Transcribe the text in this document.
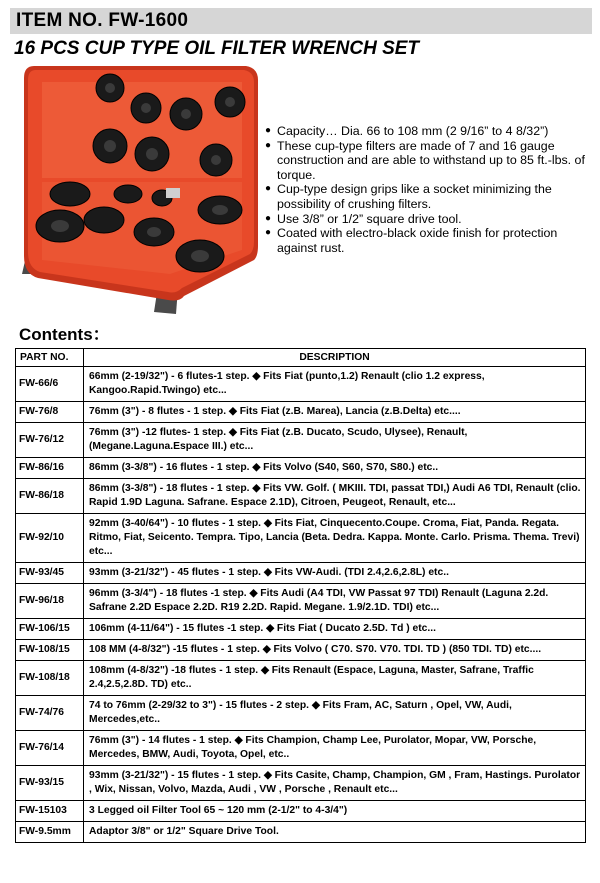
ITEM NO. FW-1600
16 PCS CUP TYPE OIL FILTER WRENCH SET
● Capacity… Dia. 66 to 108 mm (2 9/16” to 4 8/32”)
● These cup-type filters are made of 7 and 16 gauge construction and are able to withstand up to 85 ft.-lbs. of torque.
● Cup-type design grips like a socket minimizing the possibility of crushing filters.
● Use 3/8” or 1/2” square drive tool.
● Coated with electro-black oxide finish for protection against rust.
Contents：
PART NO.	DESCRIPTION
FW-66/6	66mm (2-19/32") - 6 flutes-1 step. ◆ Fits Fiat (punto,1.2) Renault (clio 1.2 express, Kangoo.Rapid.Twingo) etc...
FW-76/8	76mm (3") - 8 flutes - 1 step. ◆ Fits Fiat (z.B. Marea), Lancia (z.B.Delta) etc....
FW-76/12	76mm (3") -12 flutes- 1 step. ◆ Fits Fiat (z.B. Ducato, Scudo, Ulysee), Renault, (Megane.Laguna.Espace III.) etc...
FW-86/16	86mm (3-3/8") - 16 flutes - 1 step. ◆ Fits Volvo (S40, S60, S70, S80.) etc..
FW-86/18	86mm (3-3/8") - 18 flutes - 1 step. ◆ Fits VW. Golf. ( MKIII. TDI, passat TDI,) Audi A6 TDI, Renault (clio. Rapid 1.9D Laguna. Safrane. Espace 2.1D), Citroen, Peugeot, Renault, etc...
FW-92/10	92mm (3-40/64") - 10 flutes - 1 step. ◆ Fits Fiat, Cinquecento.Coupe. Croma, Fiat, Panda. Regata. Ritmo, Fiat, Seicento. Tempra. Tipo, Lancia (Beta. Dedra. Kappa. Monte. Carlo. Prisma. Thema. Trevi) etc...
FW-93/45	93mm (3-21/32") - 45 flutes - 1 step. ◆ Fits VW-Audi. (TDI 2.4,2.6,2.8L) etc..
FW-96/18	96mm (3-3/4") - 18 flutes -1 step. ◆ Fits Audi (A4 TDI, VW Passat 97 TDI) Renault (Laguna 2.2d. Safrane 2.2D Espace 2.2D. R19 2.2D. Rapid. Megane. 1.9/2.1D. TDI) etc...
FW-106/15	106mm (4-11/64") - 15 flutes -1 step. ◆ Fits Fiat ( Ducato 2.5D. Td ) etc...
FW-108/15	108 MM (4-8/32") -15 flutes - 1 step. ◆ Fits Volvo ( C70. S70. V70. TDI. TD ) (850 TDI. TD) etc....
FW-108/18	108mm (4-8/32") -18 flutes - 1 step. ◆ Fits Renault (Espace, Laguna, Master, Safrane, Traffic 2.4,2.5,2.8D. TD) etc..
FW-74/76	74 to 76mm (2-29/32 to 3") - 15 flutes - 2 step. ◆ Fits Fram, AC, Saturn , Opel, VW, Audi, Mercedes,etc..
FW-76/14	76mm (3") - 14 flutes - 1 step. ◆ Fits Champion, Champ Lee, Purolator, Mopar, VW, Porsche, Mercedes, BMW, Audi, Toyota, Opel, etc..
FW-93/15	93mm (3-21/32") - 15 flutes - 1 step. ◆ Fits Casite, Champ, Champion, GM , Fram, Hastings. Purolator , Wix, Nissan, Volvo, Mazda, Audi , VW , Porsche , Renault etc...
FW-15103	3 Legged oil Filter Tool 65 ~ 120 mm (2-1/2" to 4-3/4")
FW-9.5mm	Adaptor 3/8" or 1/2" Square Drive Tool.
